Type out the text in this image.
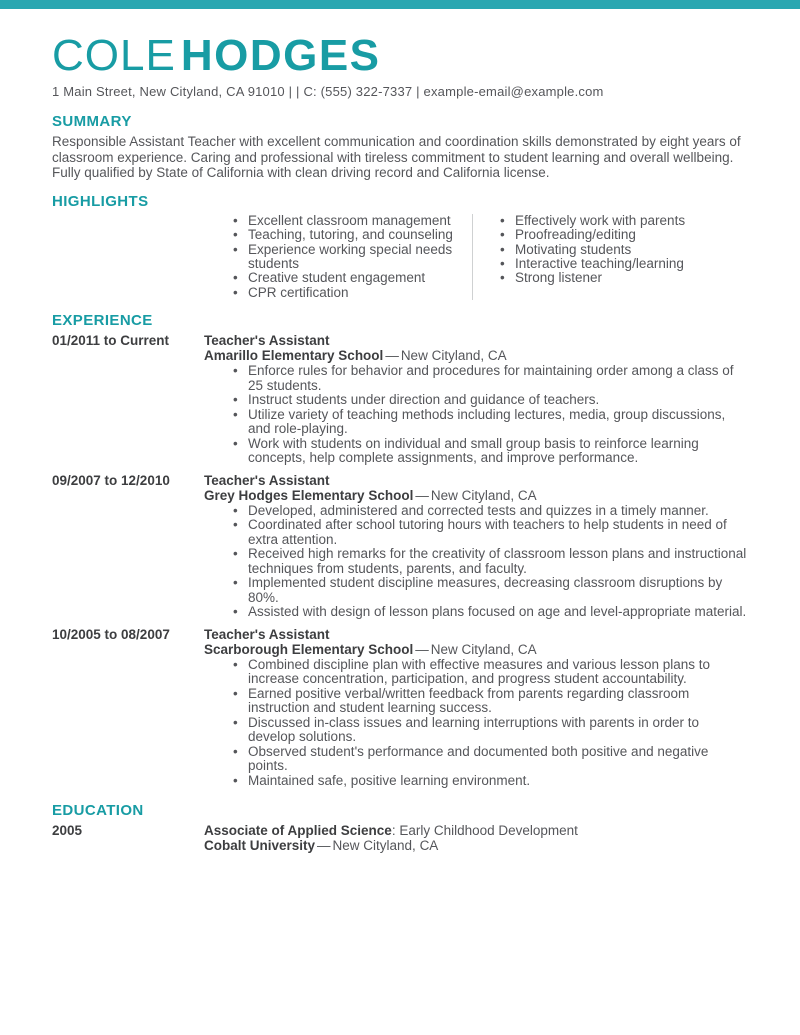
COLE HODGES
1 Main Street, New Cityland, CA 91010 | | C: (555) 322-7337 | example-email@example.com
SUMMARY

Responsible Assistant Teacher with excellent communication and coordination skills demonstrated by eight years of classroom experience. Caring and professional with tireless commitment to student learning and overall wellbeing. Fully qualified by State of California with clean driving record and California license.

HIGHLIGHTS
• Excellent classroom management
• Teaching, tutoring, and counseling
• Experience working special needs students
• Creative student engagement
• CPR certification
• Effectively work with parents
• Proofreading/editing
• Motivating students
• Interactive teaching/learning
• Strong listener
EXPERIENCE
01/2011 to Current	Teacher's Assistant
Amarillo Elementary School — New Cityland, CA
• Enforce rules for behavior and procedures for maintaining order among a class of 25 students.
• Instruct students under direction and guidance of teachers.
• Utilize variety of teaching methods including lectures, media, group discussions, and role-playing.
• Work with students on individual and small group basis to reinforce learning concepts, help complete assignments, and improve performance.
09/2007 to 12/2010	Teacher's Assistant
Grey Hodges Elementary School — New Cityland, CA
• Developed, administered and corrected tests and quizzes in a timely manner.
• Coordinated after school tutoring hours with teachers to help students in need of extra attention.
• Received high remarks for the creativity of classroom lesson plans and instructional techniques from students, parents, and faculty.
• Implemented student discipline measures, decreasing classroom disruptions by 80%.
• Assisted with design of lesson plans focused on age and level-appropriate material.
10/2005 to 08/2007	Teacher's Assistant
Scarborough Elementary School — New Cityland, CA
• Combined discipline plan with effective measures and various lesson plans to increase concentration, participation, and progress student accountability.
• Earned positive verbal/written feedback from parents regarding classroom instruction and student learning success.
• Discussed in-class issues and learning interruptions with parents in order to develop solutions.
• Observed student's performance and documented both positive and negative points.
• Maintained safe, positive learning environment.
EDUCATION
2005	Associate of Applied Science: Early Childhood Development
Cobalt University — New Cityland, CA
